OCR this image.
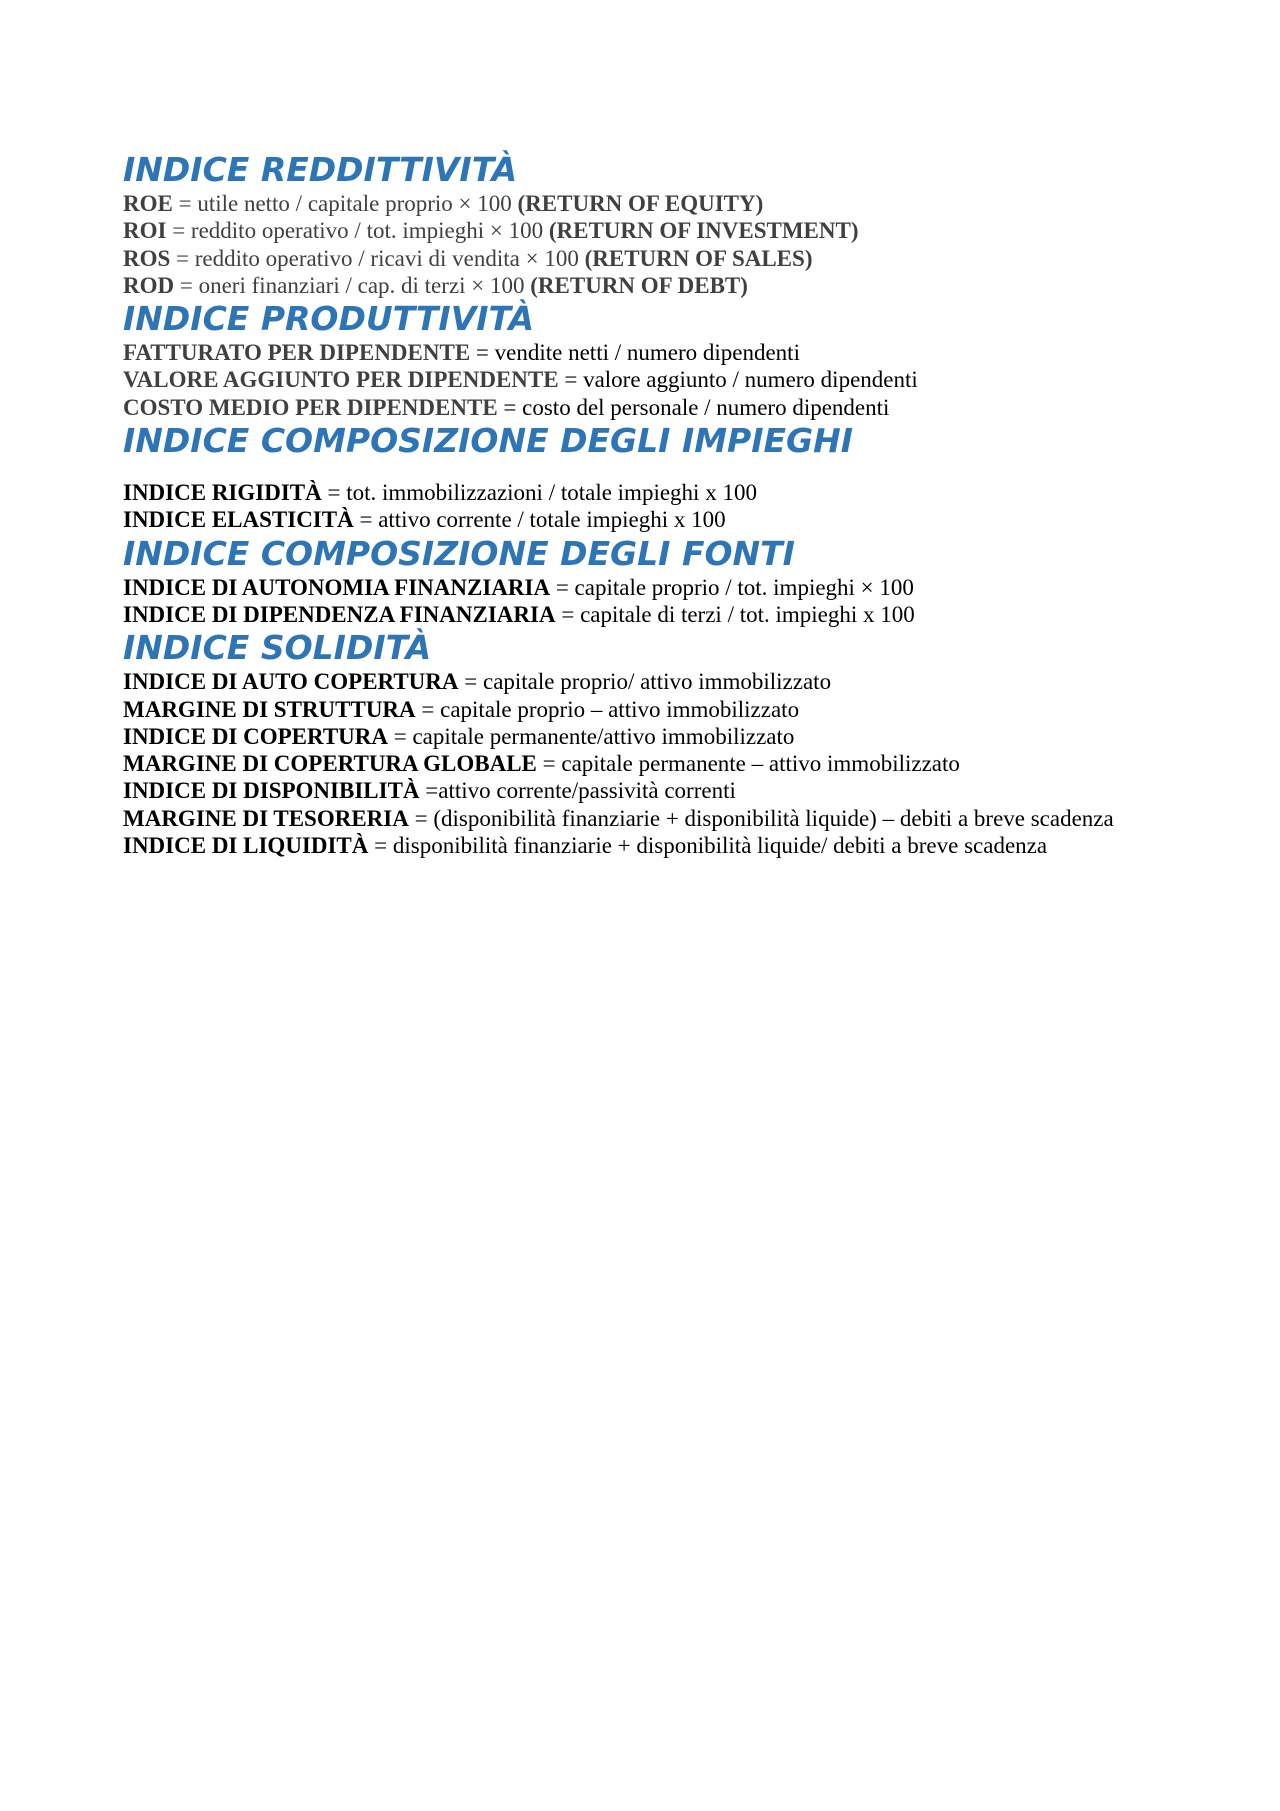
INDICE REDDITTIVITÀ
ROE = utile netto / capitale proprio × 100 (RETURN OF EQUITY)
ROI = reddito operativo / tot. impieghi × 100 (RETURN OF INVESTMENT)
ROS = reddito operativo / ricavi di vendita × 100 (RETURN OF SALES)
ROD = oneri finanziari / cap. di terzi × 100 (RETURN OF DEBT)
INDICE PRODUTTIVITÀ
FATTURATO PER DIPENDENTE = vendite netti / numero dipendenti
VALORE AGGIUNTO PER DIPENDENTE = valore aggiunto / numero dipendenti
COSTO MEDIO PER DIPENDENTE = costo del personale / numero dipendenti
INDICE COMPOSIZIONE DEGLI IMPIEGHI
INDICE RIGIDITÀ = tot. immobilizzazioni / totale impieghi x 100
INDICE ELASTICITÀ = attivo corrente / totale impieghi x 100
INDICE COMPOSIZIONE DEGLI FONTI
INDICE DI AUTONOMIA FINANZIARIA = capitale proprio / tot. impieghi × 100
INDICE DI DIPENDENZA FINANZIARIA = capitale di terzi / tot. impieghi x 100
INDICE SOLIDITÀ
INDICE DI AUTO COPERTURA = capitale proprio/ attivo immobilizzato
MARGINE DI STRUTTURA = capitale proprio – attivo immobilizzato
INDICE DI COPERTURA = capitale permanente/attivo immobilizzato
MARGINE DI COPERTURA GLOBALE = capitale permanente – attivo immobilizzato
INDICE DI DISPONIBILITÀ =attivo corrente/passività correnti
MARGINE DI TESORERIA = (disponibilità finanziarie + disponibilità liquide) – debiti a breve scadenza
INDICE DI LIQUIDITÀ = disponibilità finanziarie + disponibilità liquide/ debiti a breve scadenza
